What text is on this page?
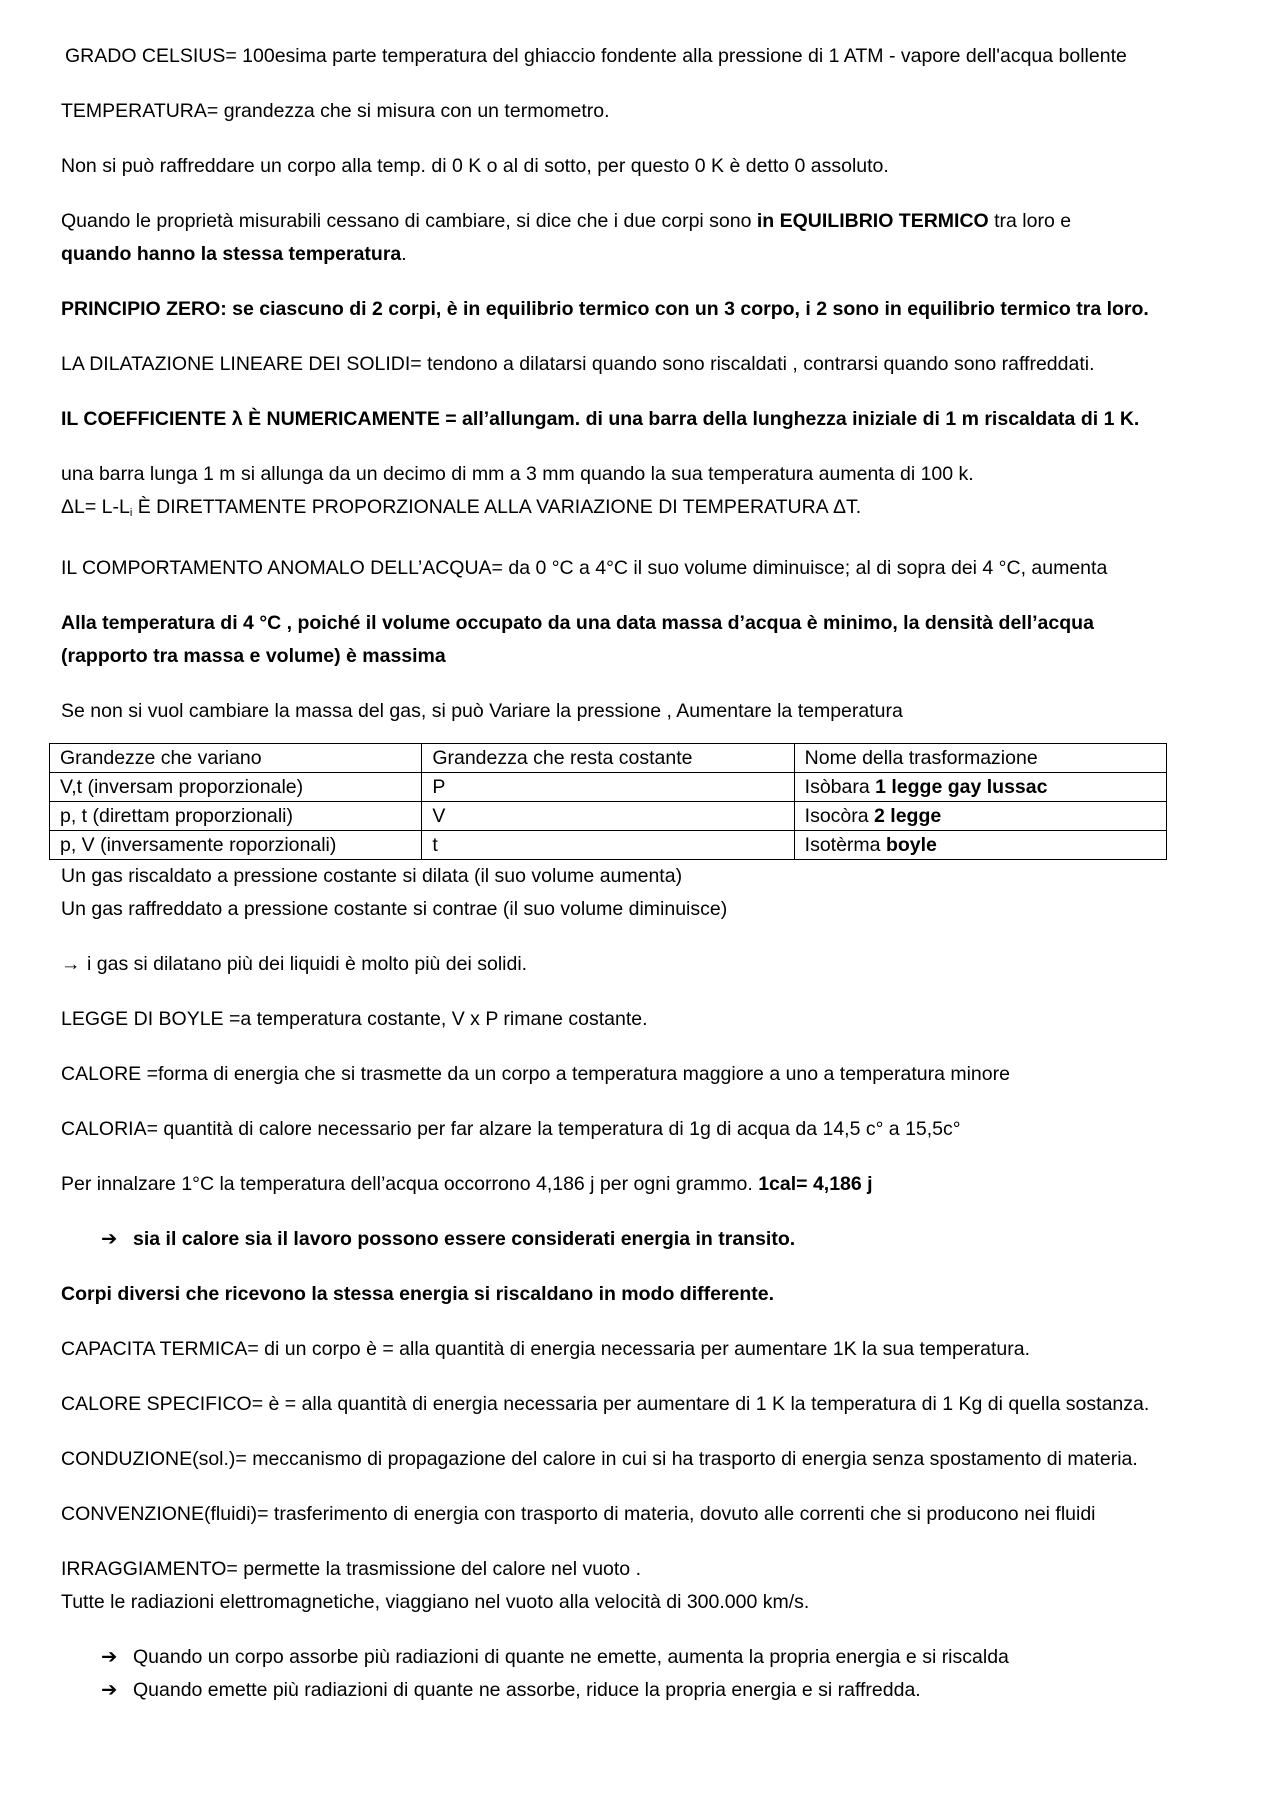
GRADO CELSIUS= 100esima parte temperatura del ghiaccio fondente alla pressione di 1 ATM - vapore dell'acqua bollente

TEMPERATURA= grandezza che si misura con un termometro.

Non si può raffreddare un corpo alla temp. di 0 K o al di sotto, per questo 0 K è detto 0 assoluto.

Quando le proprietà misurabili cessano di cambiare, si dice che i due corpi sono in EQUILIBRIO TERMICO tra loro e

quando hanno la stessa temperatura.

PRINCIPIO ZERO: se ciascuno di 2 corpi, è in equilibrio termico con un 3 corpo, i 2 sono in equilibrio termico tra loro.

LA DILATAZIONE LINEARE DEI SOLIDI= tendono a dilatarsi quando sono riscaldati , contrarsi quando sono raffreddati.

IL COEFFICIENTE λ È NUMERICAMENTE = all’allungam. di una barra della lunghezza iniziale di 1 m riscaldata di 1 K.

una barra lunga 1 m si allunga da un decimo di mm a 3 mm quando la sua temperatura aumenta di 100 k.

$\Delta L= L-L_i$ È DIRETTAMENTE PROPORZIONALE ALLA VARIAZIONE DI TEMPERATURA ΔT.

IL COMPORTAMENTO ANOMALO DELL’ACQUA= da 0 °C a 4°C il suo volume diminuisce; al di sopra dei 4 °C, aumenta

Alla temperatura di 4 °C , poiché il volume occupato da una data massa d’acqua è minimo, la densità dell’acqua

(rapporto tra massa e volume) è massima

Se non si vuol cambiare la massa del gas, si può Variare la pressione , Aumentare la temperatura

Grandezze che variano	Grandezza che resta costante	Nome della trasformazione
V,t (inversam proporzionale)	P	Isòbara 1 legge gay lussac
p, t (direttam proporzionali)	V	Isocòra 2 legge
p, V (inversamente roporzionali)	t	Isotèrma boyle

Un gas riscaldato a pressione costante si dilata (il suo volume aumenta)

Un gas raffreddato a pressione costante si contrae (il suo volume diminuisce)

→ i gas si dilatano più dei liquidi è molto più dei solidi.

LEGGE DI BOYLE =a temperatura costante, V x P rimane costante.

CALORE =forma di energia che si trasmette da un corpo a temperatura maggiore a uno a temperatura minore

CALORIA= quantità di calore necessario per far alzare la temperatura di 1g di acqua da 14,5 c° a 15,5c°

Per innalzare 1°C la temperatura dell’acqua occorrono 4,186 j per ogni grammo. 1cal= 4,186 j

➔ sia il calore sia il lavoro possono essere considerati energia in transito.

Corpi diversi che ricevono la stessa energia si riscaldano in modo differente.

CAPACITA TERMICA= di un corpo è = alla quantità di energia necessaria per aumentare 1K la sua temperatura.

CALORE SPECIFICO= è = alla quantità di energia necessaria per aumentare di 1 K la temperatura di 1 Kg di quella sostanza.

CONDUZIONE(sol.)= meccanismo di propagazione del calore in cui si ha trasporto di energia senza spostamento di materia.

CONVENZIONE(fluidi)= trasferimento di energia con trasporto di materia, dovuto alle correnti che si producono nei fluidi

IRRAGGIAMENTO= permette la trasmissione del calore nel vuoto .

Tutte le radiazioni elettromagnetiche, viaggiano nel vuoto alla velocità di 300.000 km/s.

➔ Quando un corpo assorbe più radiazioni di quante ne emette, aumenta la propria energia e si riscalda

➔ Quando emette più radiazioni di quante ne assorbe, riduce la propria energia e si raffredda.
